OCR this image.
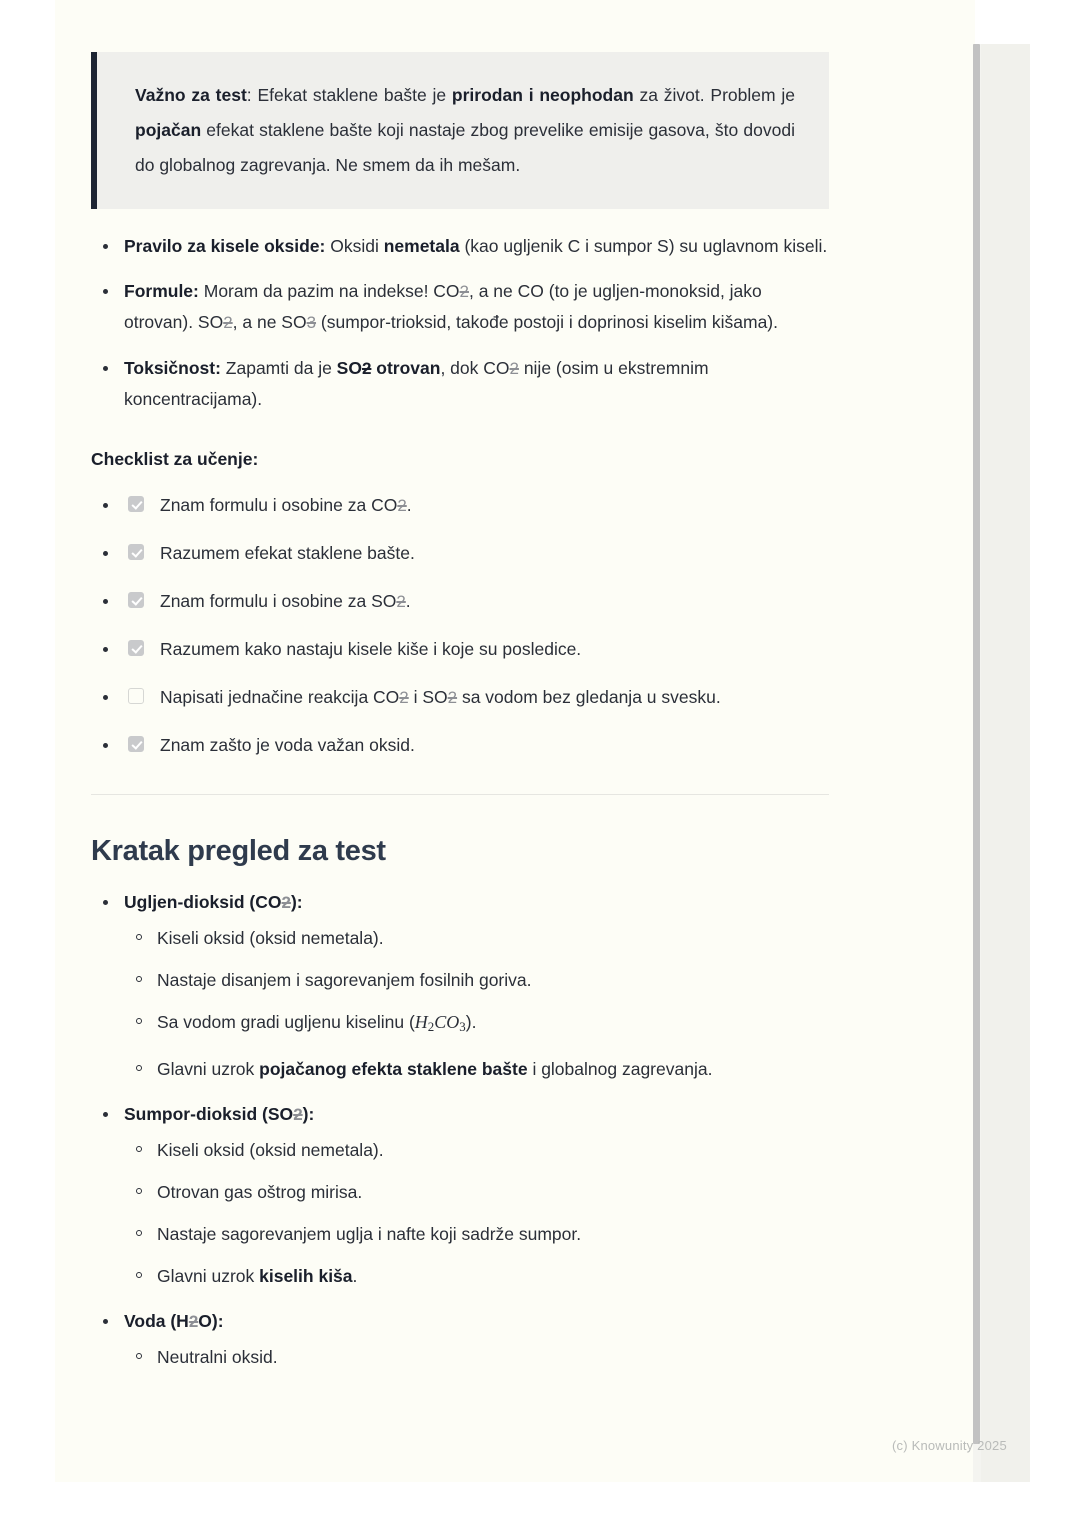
Važno za test: Efekat staklene bašte je prirodan i neophodan za život. Problem je pojačan efekat staklene bašte koji nastaje zbog prevelike emisije gasova, što dovodi do globalnog zagrevanja. Ne smem da ih mešam.

Pravilo za kisele okside: Oksidi nemetala (kao ugljenik C i sumpor S) su uglavnom kiseli.
Formule: Moram da pazim na indekse! CO2, a ne CO (to je ugljen-monoksid, jako otrovan). SO2, a ne SO3 (sumpor-trioksid, takođe postoji i doprinosi kiselim kišama).
Toksičnost: Zapamti da je SO2 otrovan, dok CO2 nije (osim u ekstremnim koncentracijama).

Checklist za učenje:

Znam formulu i osobine za CO2.
Razumem efekat staklene bašte.
Znam formulu i osobine za SO2.
Razumem kako nastaju kisele kiše i koje su posledice.
Napisati jednačine reakcija CO2 i SO2 sa vodom bez gledanja u svesku.
Znam zašto je voda važan oksid.
Kratak pregled za test
Ugljen-dioksid (CO2):
Kiseli oksid (oksid nemetala).
Nastaje disanjem i sagorevanjem fosilnih goriva.
Sa vodom gradi ugljenu kiselinu $(H_2CO_3)$.
Glavni uzrok pojačanog efekta staklene bašte i globalnog zagrevanja.
Sumpor-dioksid (SO2):
Kiseli oksid (oksid nemetala).
Otrovan gas oštrog mirisa.
Nastaje sagorevanjem uglja i nafte koji sadrže sumpor.
Glavni uzrok kiselih kiša.
Voda (H2O):
Neutralni oksid.
(c) Knowunity 2025
